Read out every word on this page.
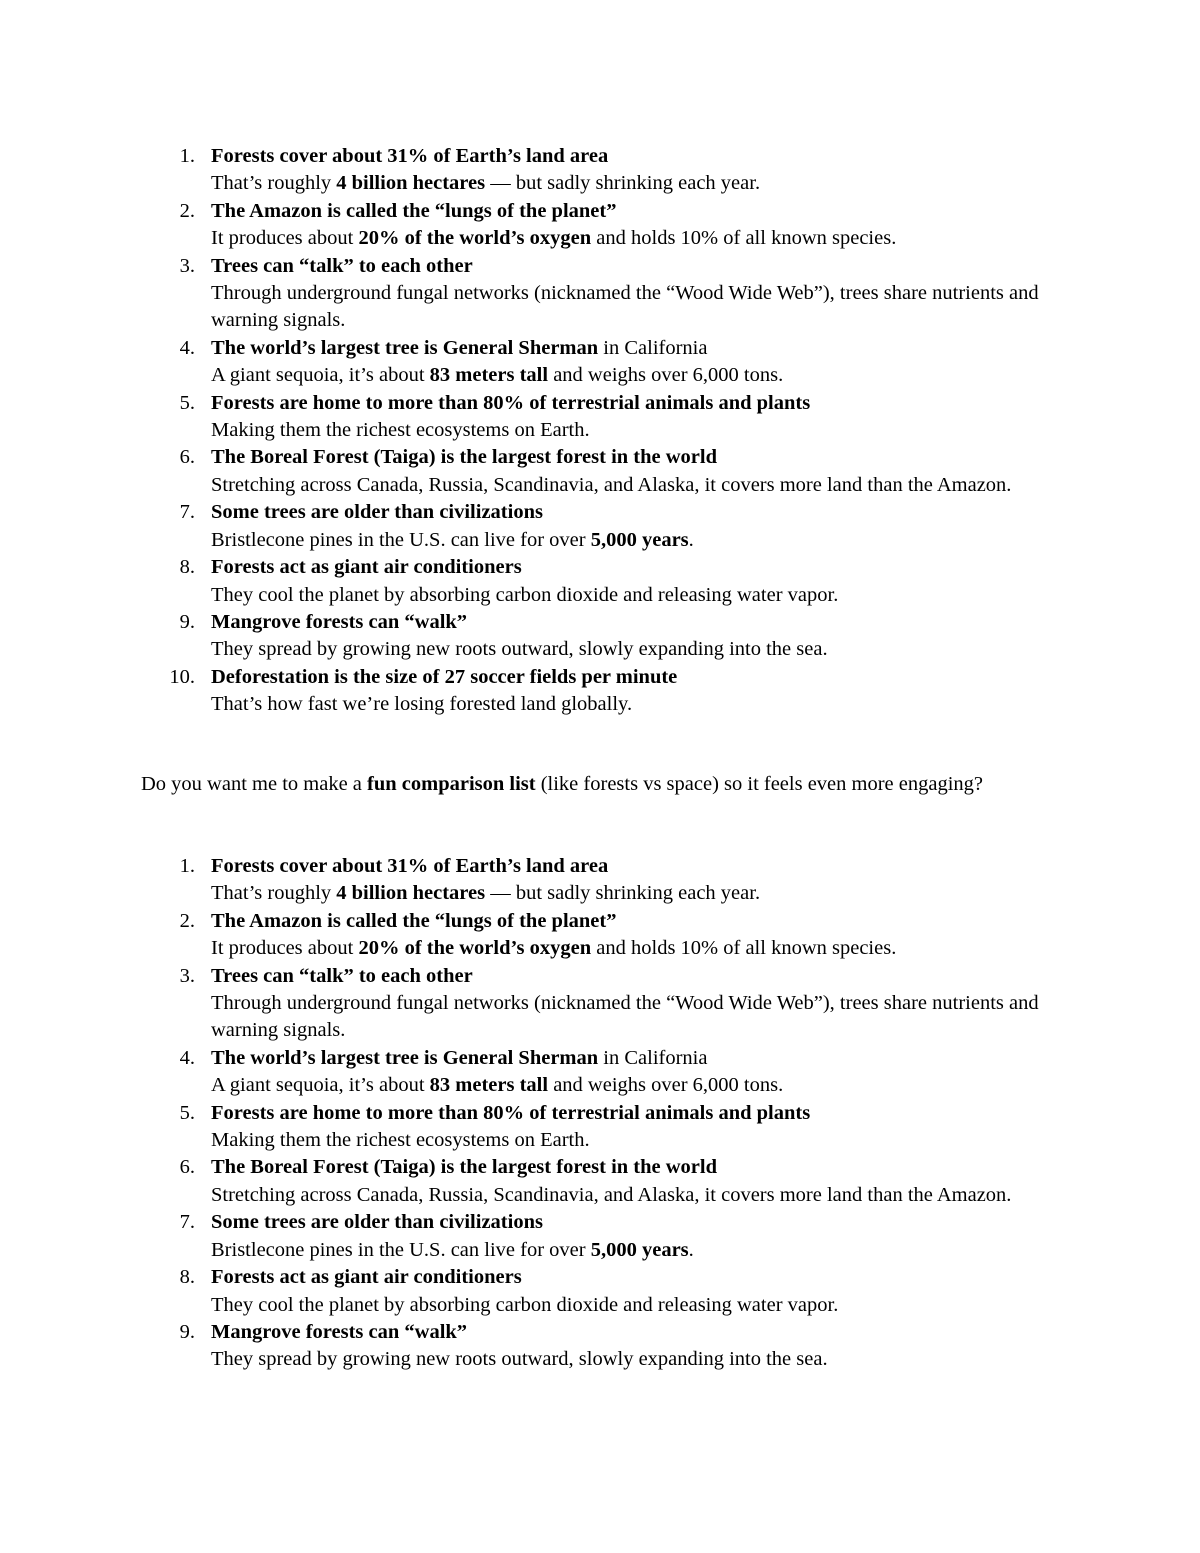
1. Forests cover about 31% of Earth’s land area
That’s roughly 4 billion hectares — but sadly shrinking each year.
2. The Amazon is called the “lungs of the planet”
It produces about 20% of the world’s oxygen and holds 10% of all known species.
3. Trees can “talk” to each other
Through underground fungal networks (nicknamed the “Wood Wide Web”), trees share nutrients and warning signals.
4. The world’s largest tree is General Sherman in California
A giant sequoia, it’s about 83 meters tall and weighs over 6,000 tons.
5. Forests are home to more than 80% of terrestrial animals and plants
Making them the richest ecosystems on Earth.
6. The Boreal Forest (Taiga) is the largest forest in the world
Stretching across Canada, Russia, Scandinavia, and Alaska, it covers more land than the Amazon.
7. Some trees are older than civilizations
Bristlecone pines in the U.S. can live for over 5,000 years.
8. Forests act as giant air conditioners
They cool the planet by absorbing carbon dioxide and releasing water vapor.
9. Mangrove forests can “walk”
They spread by growing new roots outward, slowly expanding into the sea.
10. Deforestation is the size of 27 soccer fields per minute
That’s how fast we’re losing forested land globally.
Do you want me to make a fun comparison list (like forests vs space) so it feels even more engaging?
1. Forests cover about 31% of Earth’s land area
That’s roughly 4 billion hectares — but sadly shrinking each year.
2. The Amazon is called the “lungs of the planet”
It produces about 20% of the world’s oxygen and holds 10% of all known species.
3. Trees can “talk” to each other
Through underground fungal networks (nicknamed the “Wood Wide Web”), trees share nutrients and warning signals.
4. The world’s largest tree is General Sherman in California
A giant sequoia, it’s about 83 meters tall and weighs over 6,000 tons.
5. Forests are home to more than 80% of terrestrial animals and plants
Making them the richest ecosystems on Earth.
6. The Boreal Forest (Taiga) is the largest forest in the world
Stretching across Canada, Russia, Scandinavia, and Alaska, it covers more land than the Amazon.
7. Some trees are older than civilizations
Bristlecone pines in the U.S. can live for over 5,000 years.
8. Forests act as giant air conditioners
They cool the planet by absorbing carbon dioxide and releasing water vapor.
9. Mangrove forests can “walk”
They spread by growing new roots outward, slowly expanding into the sea.
